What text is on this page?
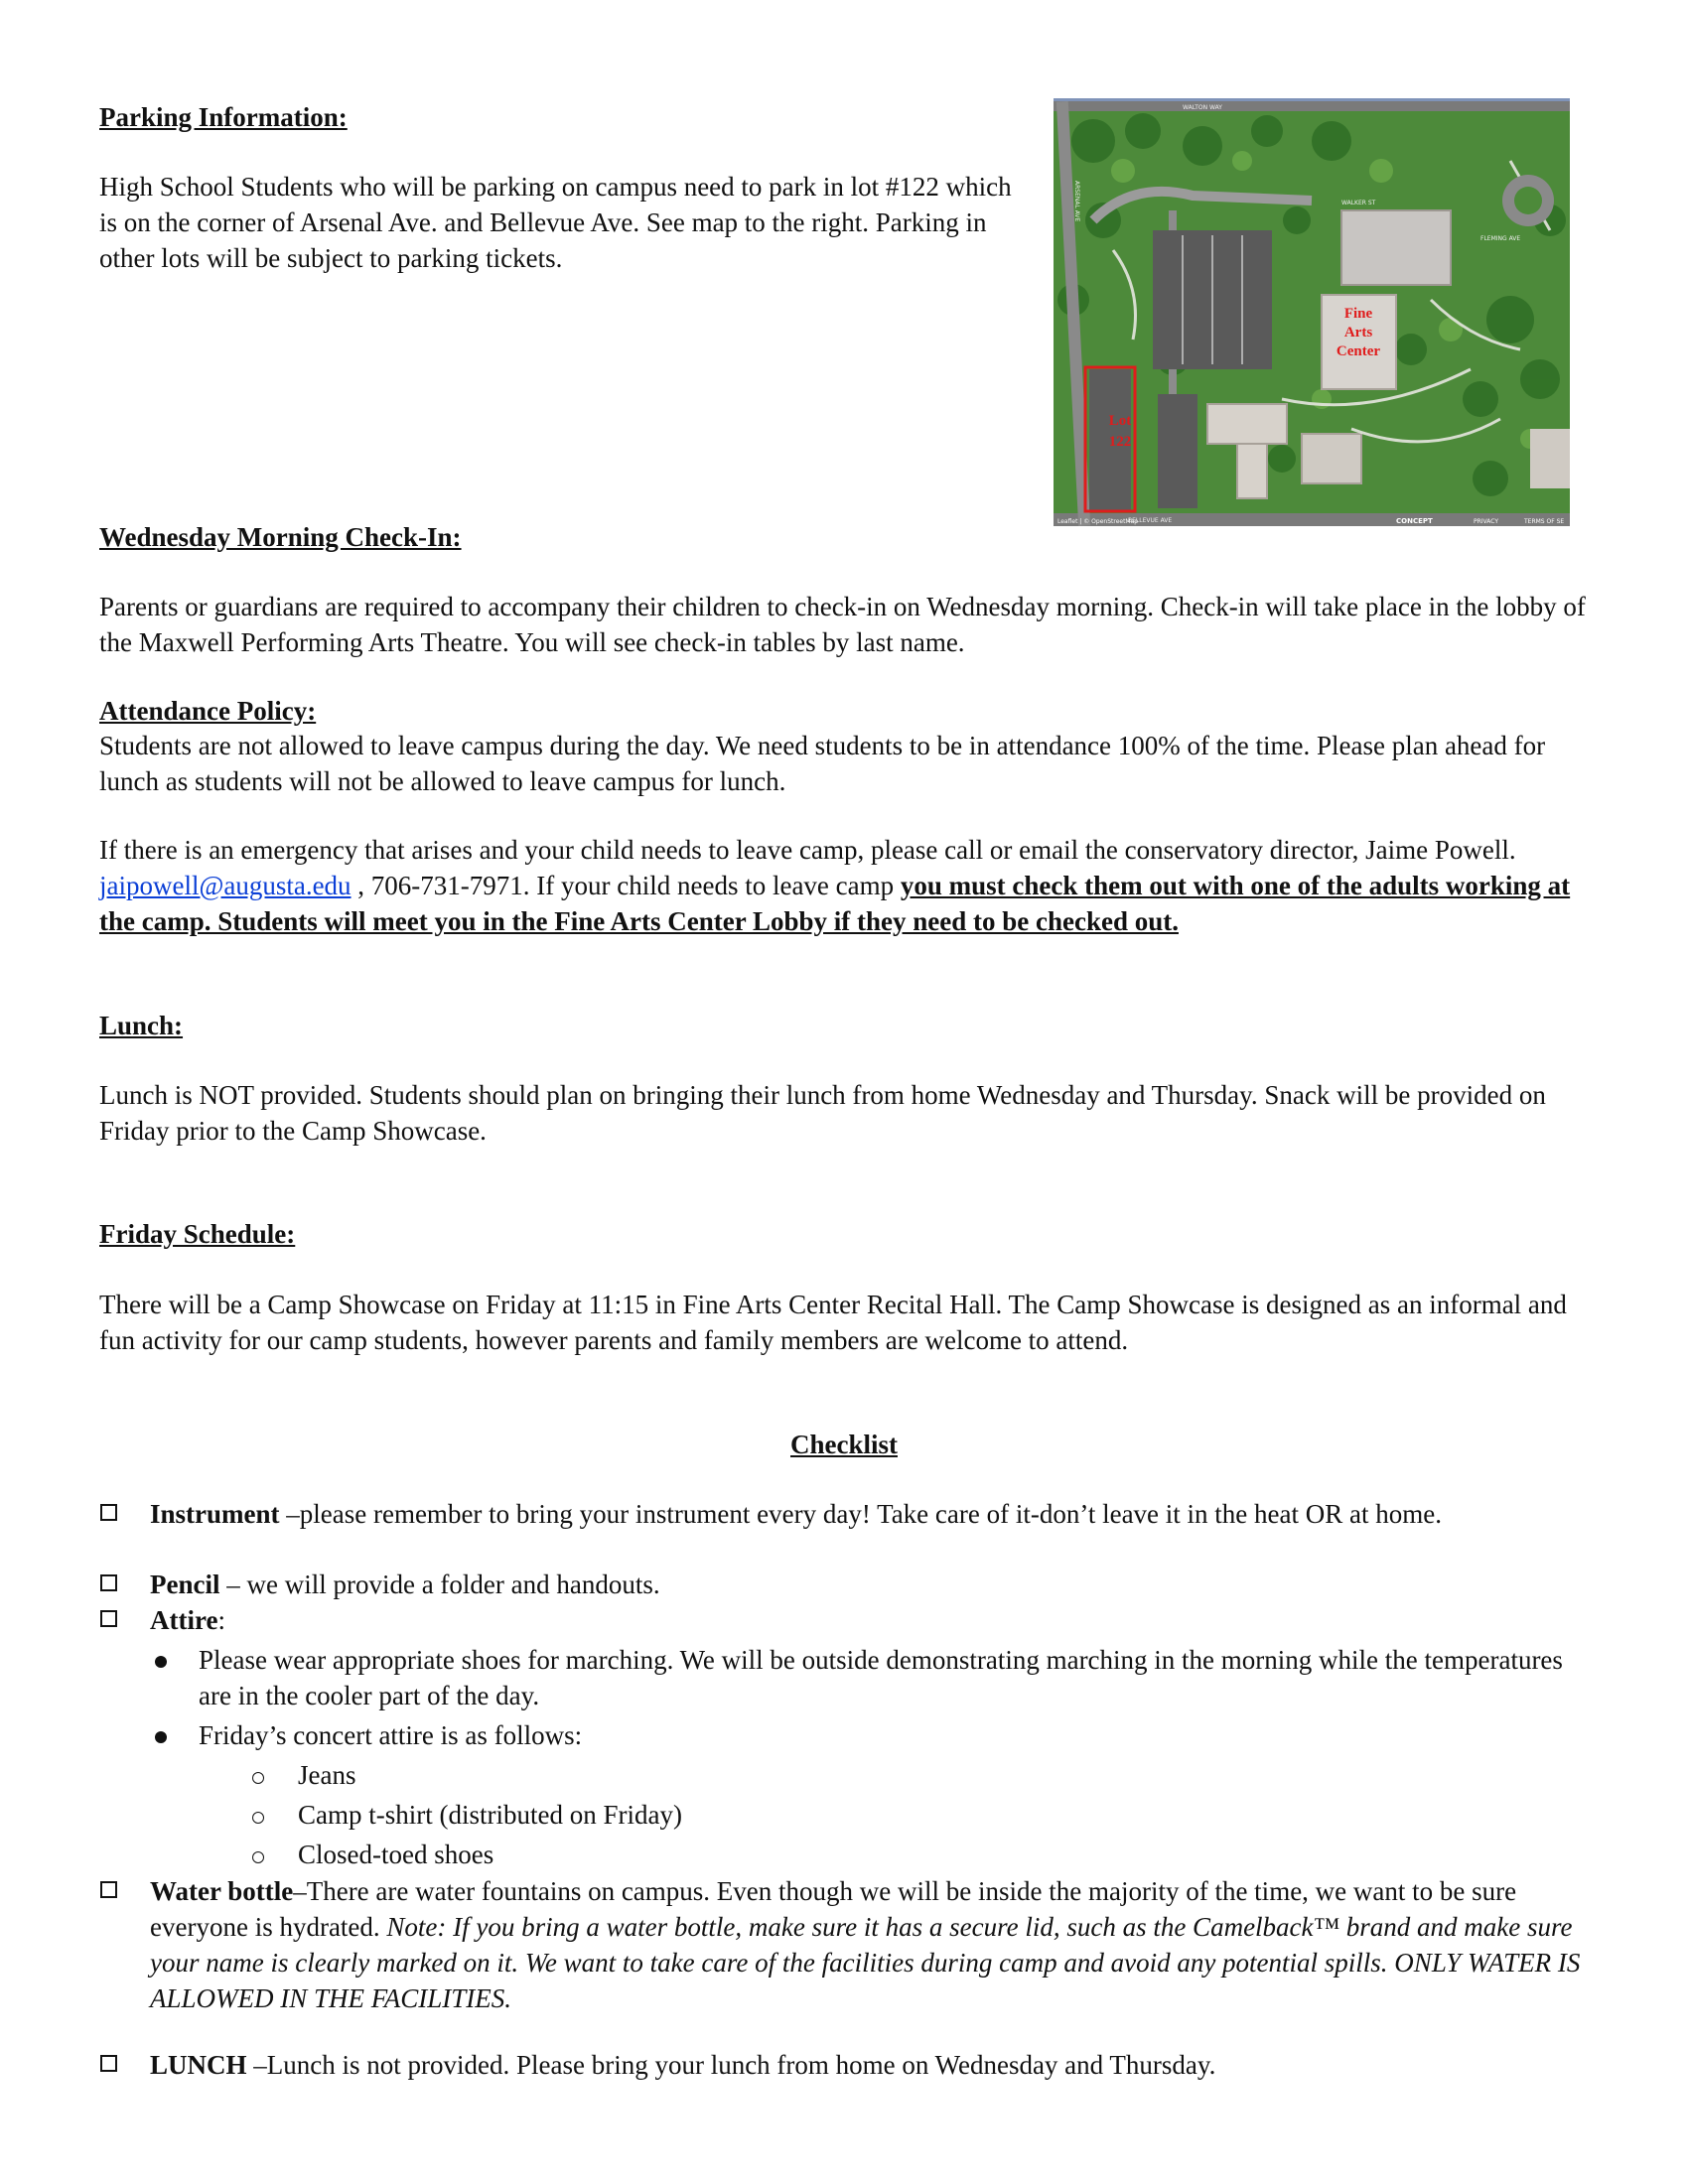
Parking Information:

High School Students who will be parking on campus need to park in lot #122 which is on the corner of Arsenal Ave. and Bellevue Ave. See map to the right. Parking in other lots will be subject to parking tickets.

WALTON WAY
BELLEVUE AVE
WALKER ST
FLEMING AVE
ARSENAL AVE
Leaflet | © OpenStreetMap	CONCEPT	PRIVACY	TERMS OF SE
Fine
Arts
Center
Lot
122
Wednesday Morning Check-In:

Parents or guardians are required to accompany their children to check-in on Wednesday morning. Check-in will take place in the lobby of the Maxwell Performing Arts Theatre. You will see check-in tables by last name.

Attendance Policy:

Students are not allowed to leave campus during the day. We need students to be in attendance 100% of the time. Please plan ahead for lunch as students will not be allowed to leave campus for lunch.

If there is an emergency that arises and your child needs to leave camp, please call or email the conservatory director, Jaime Powell. jaipowell@augusta.edu , 706-731-7971. If your child needs to leave camp you must check them out with one of the adults working at the camp. Students will meet you in the Fine Arts Center Lobby if they need to be checked out.

Lunch:

Lunch is NOT provided. Students should plan on bringing their lunch from home Wednesday and Thursday. Snack will be provided on Friday prior to the Camp Showcase.

Friday Schedule:

There will be a Camp Showcase on Friday at 11:15 in Fine Arts Center Recital Hall. The Camp Showcase is designed as an informal and fun activity for our camp students, however parents and family members are welcome to attend.

Checklist
Instrument –please remember to bring your instrument every day! Take care of it-don’t leave it in the heat OR at home.
Pencil – we will provide a folder and handouts.
Attire:

Please wear appropriate shoes for marching. We will be outside demonstrating marching in the morning while the temperatures are in the cooler part of the day.

Friday’s concert attire is as follows:

Jeans

Camp t-shirt (distributed on Friday)

Closed-toed shoes

Water bottle–There are water fountains on campus. Even though we will be inside the majority of the time, we want to be sure everyone is hydrated. Note: If you bring a water bottle, make sure it has a secure lid, such as the Camelback™ brand and make sure your name is clearly marked on it. We want to take care of the facilities during camp and avoid any potential spills. ONLY WATER IS ALLOWED IN THE FACILITIES.
LUNCH –Lunch is not provided. Please bring your lunch from home on Wednesday and Thursday.
